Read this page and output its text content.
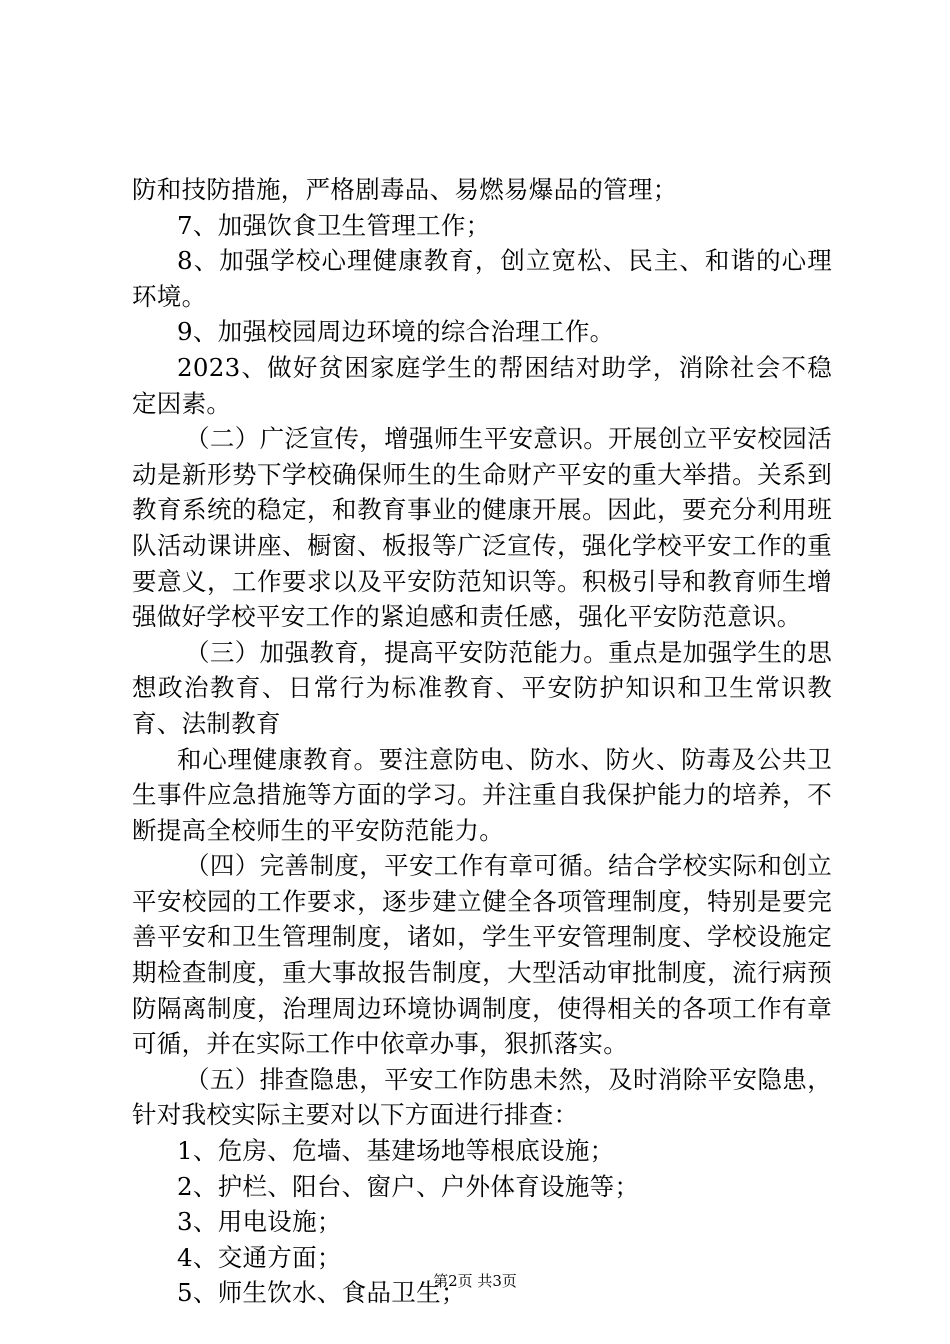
防和技防措施，严格剧毒品、易燃易爆品的管理；

7、加强饮食卫生管理工作；

8、加强学校心理健康教育，创立宽松、民主、和谐的心理环境。

9、加强校园周边环境的综合治理工作。

2023、做好贫困家庭学生的帮困结对助学，消除社会不稳定因素。

（二）广泛宣传，增强师生平安意识。开展创立平安校园活动是新形势下学校确保师生的生命财产平安的重大举措。关系到教育系统的稳定，和教育事业的健康开展。因此，要充分利用班队活动课讲座、橱窗、板报等广泛宣传，强化学校平安工作的重要意义，工作要求以及平安防范知识等。积极引导和教育师生增强做好学校平安工作的紧迫感和责任感，强化平安防范意识。

（三）加强教育，提高平安防范能力。重点是加强学生的思想政治教育、日常行为标准教育、平安防护知识和卫生常识教育、法制教育

和心理健康教育。要注意防电、防水、防火、防毒及公共卫生事件应急措施等方面的学习。并注重自我保护能力的培养，不断提高全校师生的平安防范能力。

（四）完善制度，平安工作有章可循。结合学校实际和创立平安校园的工作要求，逐步建立健全各项管理制度，特别是要完善平安和卫生管理制度，诸如，学生平安管理制度、学校设施定期检查制度，重大事故报告制度，大型活动审批制度，流行病预防隔离制度，治理周边环境协调制度，使得相关的各项工作有章可循，并在实际工作中依章办事，狠抓落实。

（五）排查隐患，平安工作防患未然，及时消除平安隐患，针对我校实际主要对以下方面进行排查：

1、危房、危墙、基建场地等根底设施；

2、护栏、阳台、窗户、户外体育设施等；

3、用电设施；

4、交通方面；

5、师生饮水、食品卫生；

第2页 共3页
